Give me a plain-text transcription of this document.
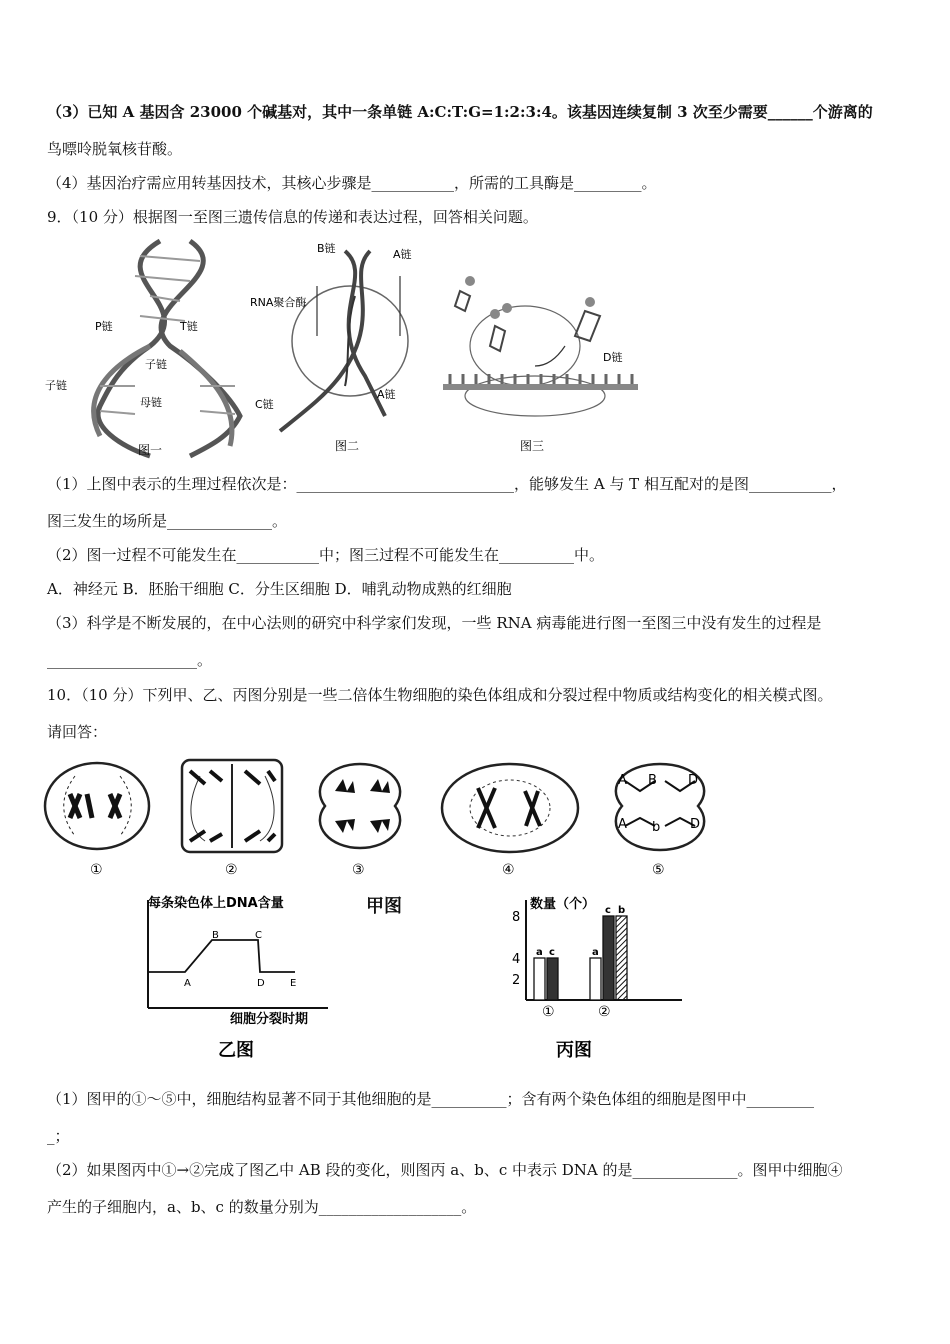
（3）已知 A 基因含 23000 个碱基对，其中一条单链 A:C:T:G=1:2:3:4。该基因连续复制 3 次至少需要______个游离的
鸟嘌呤脱氧核苷酸。
（4）基因治疗需应用转基因技术，其核心步骤是___________，所需的工具酶是_________。
9．（10 分）根据图一至图三遗传信息的传递和表达过程，回答相关问题。
P链	T链
子链
子链
母链
图一
B链	A链
RNA聚合酶
C链
A链
图二
D链
图三
（1）上图中表示的生理过程依次是：_____________________________，能够发生 A 与 T 相互配对的是图___________，
图三发生的场所是______________。
（2）图一过程不可能发生在___________中；图三过程不可能发生在__________中。
A．神经元 B．胚胎干细胞 C．分生区细胞 D．哺乳动物成熟的红细胞
（3）科学是不断发展的，在中心法则的研究中科学家们发现，一些 RNA 病毒能进行图一至图三中没有发生的过程是
____________________。
10．（10 分）下列甲、乙、丙图分别是一些二倍体生物细胞的染色体组成和分裂过程中物质或结构变化的相关模式图。
请回答：
①	②	③	④
A B D
A b D
⑤
每条染色体上DNA含量
细胞分裂时期
A
B	C
D	E
乙图
甲图	数量（个）
2
4
8
a c	a
c b
①	②
丙图
（1）图甲的①～⑤中，细胞结构显著不同于其他细胞的是__________；含有两个染色体组的细胞是图甲中_________
_；
（2）如果图丙中①→②完成了图乙中 AB 段的变化，则图丙 a、b、c 中表示 DNA 的是______________。图甲中细胞④
产生的子细胞内，a、b、c 的数量分别为___________________。
